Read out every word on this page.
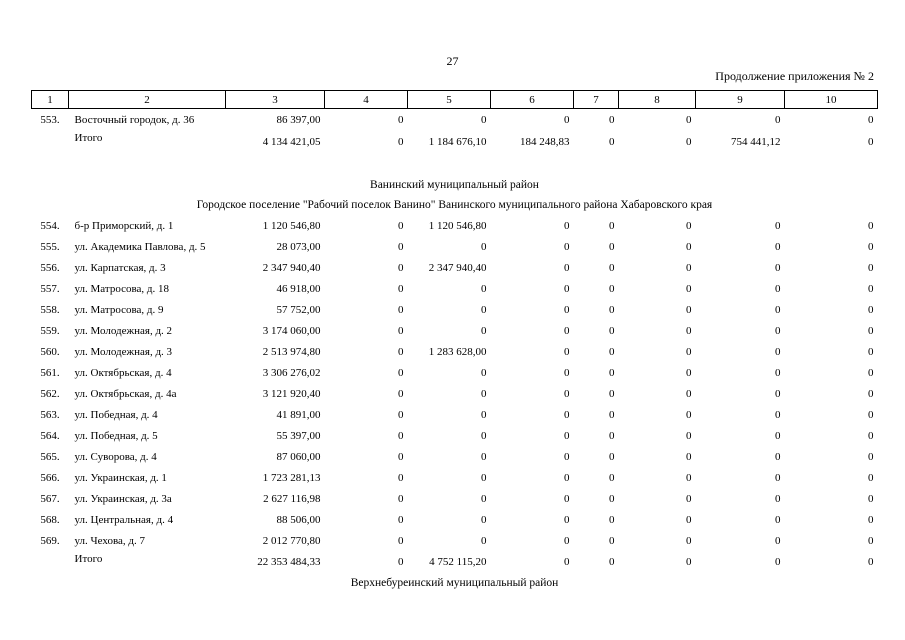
27
Продолжение приложения № 2
1	2	3	4	5	6	7	8	9	10
553.	Восточный городок, д. 36	86 397,00	0	0	0	0	0	0	0
	Итого	4 134 421,05	0	1 184 676,10	184 248,83	0	0	754 441,12	0

Ванинский муниципальный район									
Городское поселение "Рабочий поселок Ванино" Ванинского муниципального района Хабаровского края									
554.	б-р Приморский, д. 1	1 120 546,80	0	1 120 546,80	0	0	0	0	0
555.	ул. Академика Павлова, д. 5	28 073,00	0	0	0	0	0	0	0
556.	ул. Карпатская, д. 3	2 347 940,40	0	2 347 940,40	0	0	0	0	0
557.	ул. Матросова, д. 18	46 918,00	0	0	0	0	0	0	0
558.	ул. Матросова, д. 9	57 752,00	0	0	0	0	0	0	0
559.	ул. Молодежная, д. 2	3 174 060,00	0	0	0	0	0	0	0
560.	ул. Молодежная, д. 3	2 513 974,80	0	1 283 628,00	0	0	0	0	0
561.	ул. Октябрьская, д. 4	3 306 276,02	0	0	0	0	0	0	0
562.	ул. Октябрьская, д. 4а	3 121 920,40	0	0	0	0	0	0	0
563.	ул. Победная, д. 4	41 891,00	0	0	0	0	0	0	0
564.	ул. Победная, д. 5	55 397,00	0	0	0	0	0	0	0
565.	ул. Суворова, д. 4	87 060,00	0	0	0	0	0	0	0
566.	ул. Украинская, д. 1	1 723 281,13	0	0	0	0	0	0	0
567.	ул. Украинская, д. 3а	2 627 116,98	0	0	0	0	0	0	0
568.	ул. Центральная, д. 4	88 506,00	0	0	0	0	0	0	0
569.	ул. Чехова, д. 7	2 012 770,80	0	0	0	0	0	0	0
	Итого	22 353 484,33	0	4 752 115,20	0	0	0	0	0
Верхнебуреинский муниципальный район									
